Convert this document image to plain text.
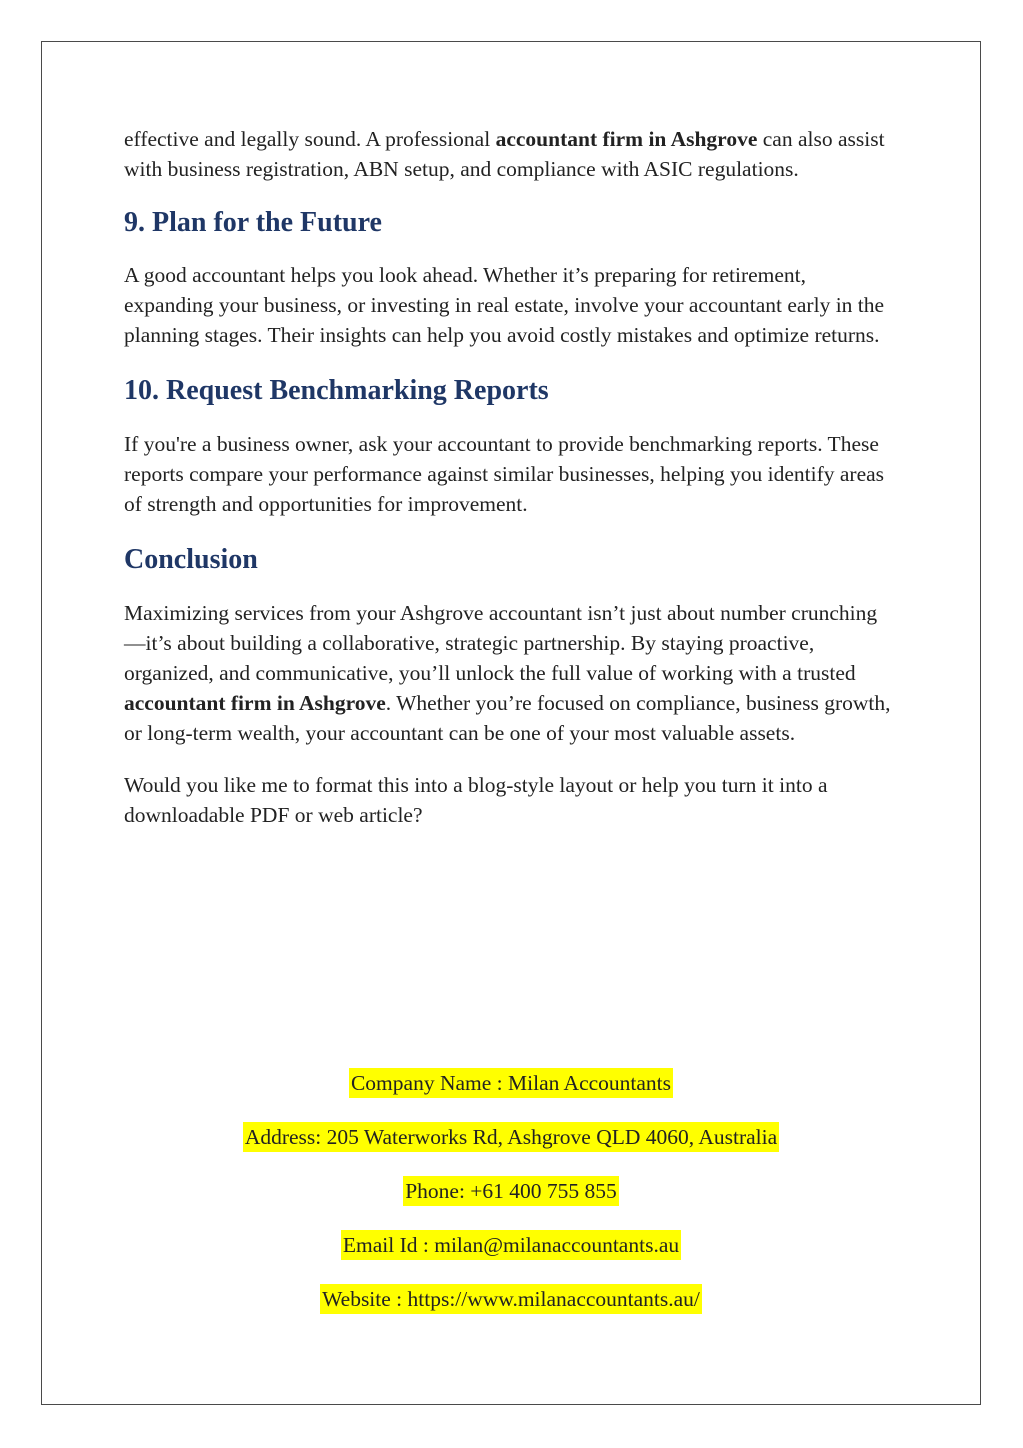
effective and legally sound. A professional accountant firm in Ashgrove can also assist with business registration, ABN setup, and compliance with ASIC regulations.

9. Plan for the Future

A good accountant helps you look ahead. Whether it’s preparing for retirement, expanding your business, or investing in real estate, involve your accountant early in the planning stages. Their insights can help you avoid costly mistakes and optimize returns.

10. Request Benchmarking Reports

If you're a business owner, ask your accountant to provide benchmarking reports. These reports compare your performance against similar businesses, helping you identify areas of strength and opportunities for improvement.

Conclusion

Maximizing services from your Ashgrove accountant isn’t just about number crunching—it’s about building a collaborative, strategic partnership. By staying proactive, organized, and communicative, you’ll unlock the full value of working with a trusted accountant firm in Ashgrove. Whether you’re focused on compliance, business growth, or long-term wealth, your accountant can be one of your most valuable assets.

Would you like me to format this into a blog-style layout or help you turn it into a downloadable PDF or web article?

Company Name : Milan Accountants
Address: 205 Waterworks Rd, Ashgrove QLD 4060, Australia
Phone: +61 400 755 855
Email Id : milan@milanaccountants.au
Website : https://www.milanaccountants.au/
